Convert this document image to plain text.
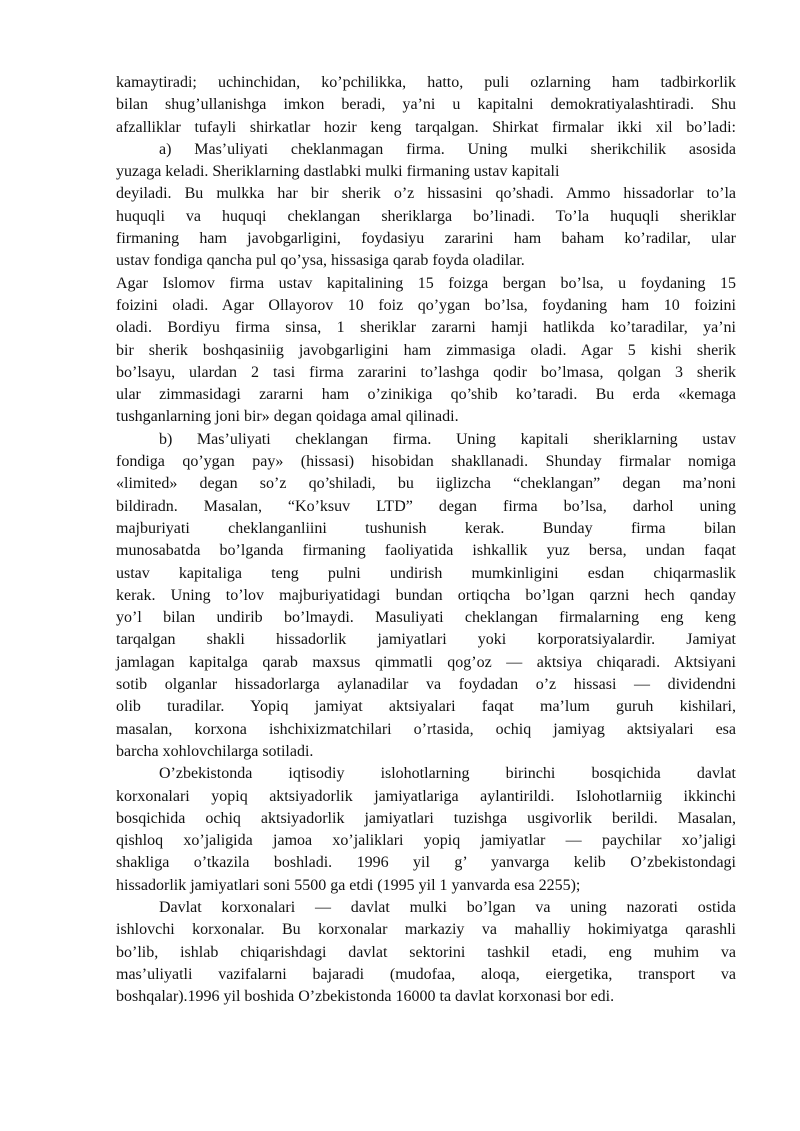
kamaytiradi; uchinchidan, ko’pchilikka, hatto, puli ozlarning ham tadbirkorlik
bilan shug’ullanishga imkon beradi, ya’ni u kapitalni demokratiyalashtiradi. Shu
afzalliklar tufayli shirkatlar hozir keng tarqalgan. Shirkat firmalar ikki xil bo’ladi:
a) Mas’uliyati cheklanmagan firma. Uning mulki sherikchilik asosida
yuzaga keladi. Sheriklarning dastlabki mulki firmaning ustav kapitali
deyiladi. Bu mulkka har bir sherik o’z hissasini qo’shadi. Ammo hissadorlar to’la
huquqli va huquqi cheklangan sheriklarga bo’linadi. To’la huquqli sheriklar
firmaning ham javobgarligini, foydasiyu zararini ham baham ko’radilar, ular
ustav fondiga qancha pul qo’ysa, hissasiga qarab foyda oladilar.
Agar Islomov firma ustav kapitalining 15 foizga bergan bo’lsa, u foydaning 15
foizini oladi. Agar Ollayorov 10 foiz qo’ygan bo’lsa, foydaning ham 10 foizini
oladi. Bordiyu firma sinsa, 1 sheriklar zararni hamji hatlikda ko’taradilar, ya’ni
bir sherik boshqasiniig javobgarligini ham zimmasiga oladi. Agar 5 kishi sherik
bo’lsayu, ulardan 2 tasi firma zararini to’lashga qodir bo’lmasa, qolgan 3 sherik
ular zimmasidagi zararni ham o’zinikiga qo’shib ko’taradi. Bu erda «kemaga
tushganlarning joni bir» degan qoidaga amal qilinadi.
b) Mas’uliyati cheklangan firma. Uning kapitali sheriklarning ustav
fondiga qo’ygan pay» (hissasi) hisobidan shakllanadi. Shunday firmalar nomiga
«limited» degan so’z qo’shiladi, bu iiglizcha “cheklangan” degan ma’noni
bildiradn. Masalan, “Ko’ksuv LTD” degan firma bo’lsa, darhol uning
majburiyati cheklanganliini tushunish kerak. Bunday firma bilan
munosabatda bo’lganda firmaning faoliyatida ishkallik yuz bersa, undan faqat
ustav kapitaliga teng pulni undirish mumkinligini esdan chiqarmaslik
kerak. Uning to’lov majburiyatidagi bundan ortiqcha bo’lgan qarzni hech qanday
yo’l bilan undirib bo’lmaydi. Masuliyati cheklangan firmalarning eng keng
tarqalgan shakli hissadorlik jamiyatlari yoki korporatsiyalardir. Jamiyat
jamlagan kapitalga qarab maxsus qimmatli qog’oz — aktsiya chiqaradi. Aktsiyani
sotib olganlar hissadorlarga aylanadilar va foydadan o’z hissasi — dividendni
olib turadilar. Yopiq jamiyat aktsiyalari faqat ma’lum guruh kishilari,
masalan, korxona ishchixizmatchilari o’rtasida, ochiq jamiyag aktsiyalari esa
barcha xohlovchilarga sotiladi.
O’zbekistonda iqtisodiy islohotlarning birinchi bosqichida davlat
korxonalari yopiq aktsiyadorlik jamiyatlariga aylantirildi. Islohotlarniig ikkinchi
bosqichida ochiq aktsiyadorlik jamiyatlari tuzishga usgivorlik berildi. Masalan,
qishloq xo’jaligida jamoa xo’jaliklari yopiq jamiyatlar — paychilar xo’jaligi
shakliga o’tkazila boshladi. 1996 yil g’ yanvarga kelib O’zbekistondagi
hissadorlik jamiyatlari soni 5500 ga etdi (1995 yil 1 yanvarda esa 2255);
Davlat korxonalari — davlat mulki bo’lgan va uning nazorati ostida
ishlovchi korxonalar. Bu korxonalar markaziy va mahalliy hokimiyatga qarashli
bo’lib, ishlab chiqarishdagi davlat sektorini tashkil etadi, eng muhim va
mas’uliyatli vazifalarni bajaradi (mudofaa, aloqa, eiergetika, transport va
boshqalar).1996 yil boshida O’zbekistonda 16000 ta davlat korxonasi bor edi.
